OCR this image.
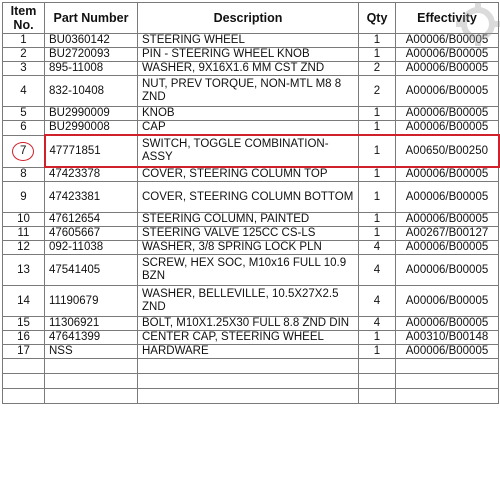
Item No.	Part Number	Description	Qty	Effectivity
1	BU0360142	STEERING WHEEL	1	A00006/B00005
2	BU2720093	PIN - STEERING WHEEL KNOB	1	A00006/B00005
3	895-11008	WASHER, 9X16X1.6 MM CST ZND	2	A00006/B00005
4	832-10408	NUT, PREV TORQUE, NON-MTL M8 8 ZND	2	A00006/B00005
5	BU2990009	KNOB	1	A00006/B00005
6	BU2990008	CAP	1	A00006/B00005
7	47771851	SWITCH, TOGGLE COMBINATION-ASSY	1	A00650/B00250
8	47423378	COVER, STEERING COLUMN TOP	1	A00006/B00005
9	47423381	COVER, STEERING COLUMN BOTTOM	1	A00006/B00005
10	47612654	STEERING COLUMN, PAINTED	1	A00006/B00005
11	47605667	STEERING VALVE 125CC CS-LS	1	A00267/B00127
12	092-11038	WASHER, 3/8 SPRING LOCK PLN	4	A00006/B00005
13	47541405	SCREW, HEX SOC, M10x16 FULL 10.9 BZN	4	A00006/B00005
14	11190679	WASHER, BELLEVILLE, 10.5X27X2.5 ZND	4	A00006/B00005
15	11306921	BOLT, M10X1.25X30 FULL 8.8 ZND DIN	4	A00006/B00005
16	47641399	CENTER CAP, STEERING WHEEL	1	A00310/B00148
17	NSS	HARDWARE	1	A00006/B00005
